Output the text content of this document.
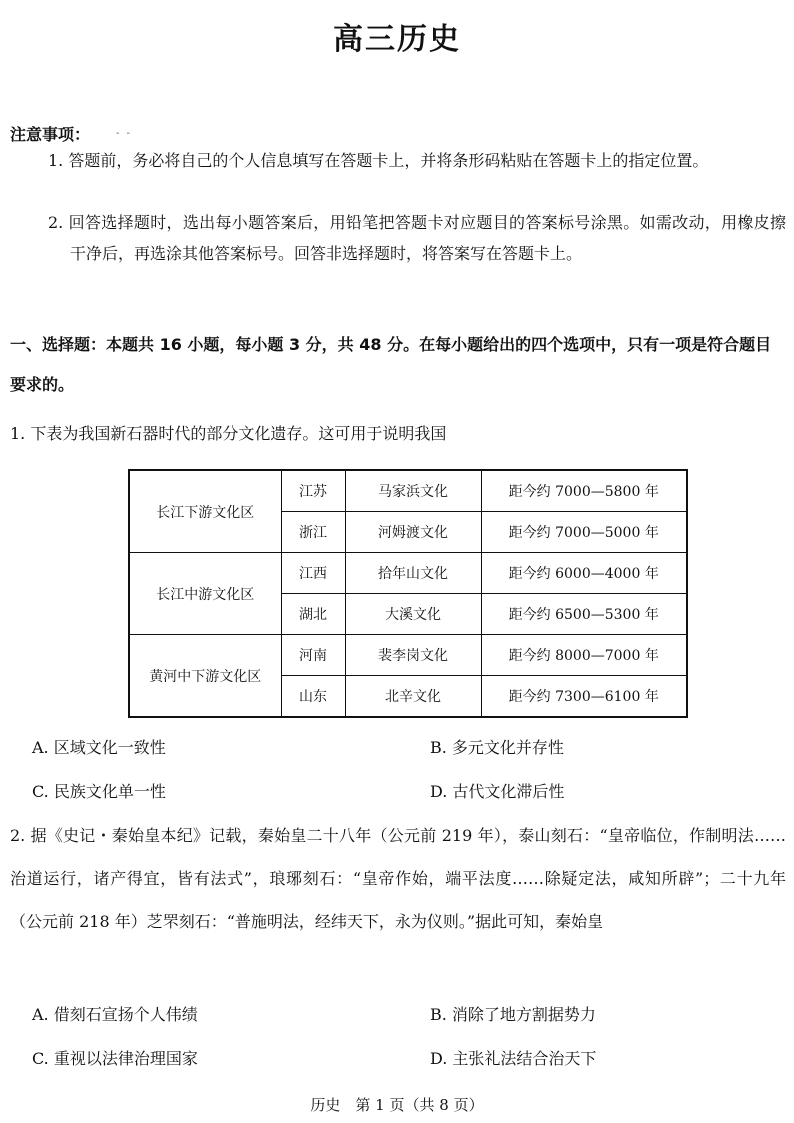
高三历史
注意事项：	- -
1. 答题前，务必将自己的个人信息填写在答题卡上，并将条形码粘贴在答题卡上的指定位置。
2. 回答选择题时，选出每小题答案后，用铅笔把答题卡对应题目的答案标号涂黑。如需改动，用橡皮擦干净后，再选涂其他答案标号。回答非选择题时，将答案写在答题卡上。
一、选择题：本题共 16 小题，每小题 3 分，共 48 分。在每小题给出的四个选项中，只有一项是符合题目要求的。
1. 下表为我国新石器时代的部分文化遗存。这可用于说明我国
长江下游文化区	江苏	马家浜文化	距今约 7000—5800 年
	浙江	河姆渡文化	距今约 7000—5000 年
长江中游文化区	江西	拾年山文化	距今约 6000—4000 年
	湖北	大溪文化	距今约 6500—5300 年
黄河中下游文化区	河南	裴李岗文化	距今约 8000—7000 年
	山东	北辛文化	距今约 7300—6100 年
A. 区域文化一致性	B. 多元文化并存性
C. 民族文化单一性	D. 古代文化滞后性
2. 据《史记・秦始皇本纪》记载，秦始皇二十八年（公元前 219 年），泰山刻石：“皇帝临位，作制明法……治道运行，诸产得宜，皆有法式”，琅琊刻石：“皇帝作始，端平法度……除疑定法，咸知所辟”；二十九年（公元前 218 年）芝罘刻石：“普施明法，经纬天下，永为仪则。”据此可知，秦始皇
A. 借刻石宣扬个人伟绩	B. 消除了地方割据势力
C. 重视以法律治理国家	D. 主张礼法结合治天下
历史　第 1 页（共 8 页）
